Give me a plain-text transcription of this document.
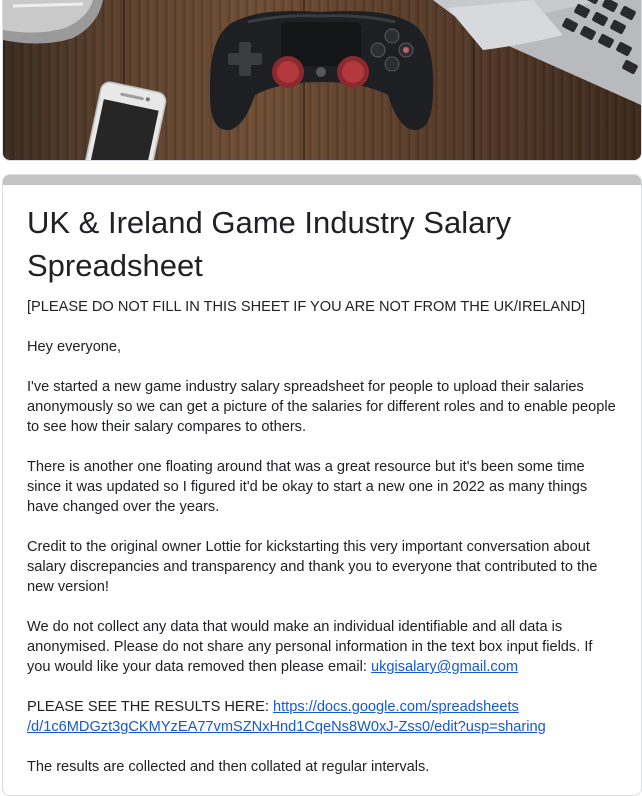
UK & Ireland Game Industry Salary Spreadsheet

[PLEASE DO NOT FILL IN THIS SHEET IF YOU ARE NOT FROM THE UK/IRELAND]

Hey everyone,

I've started a new game industry salary spreadsheet for people to upload their salaries anonymously so we can get a picture of the salaries for different roles and to enable people to see how their salary compares to others.

There is another one floating around that was a great resource but it's been some time since it was updated so I figured it'd be okay to start a new one in 2022 as many things have changed over the years.

Credit to the original owner Lottie for kickstarting this very important conversation about salary discrepancies and transparency and thank you to everyone that contributed to the new version!

We do not collect any data that would make an individual identifiable and all data is anonymised. Please do not share any personal information in the text box input fields. If you would like your data removed then please email: ukgisalary@gmail.com

PLEASE SEE THE RESULTS HERE: https://docs.google.com/spreadsheets
/d/1c6MDGzt3gCKMYzEA77vmSZNxHnd1CqeNs8W0xJ-Zss0/edit?usp=sharing

The results are collected and then collated at regular intervals.
